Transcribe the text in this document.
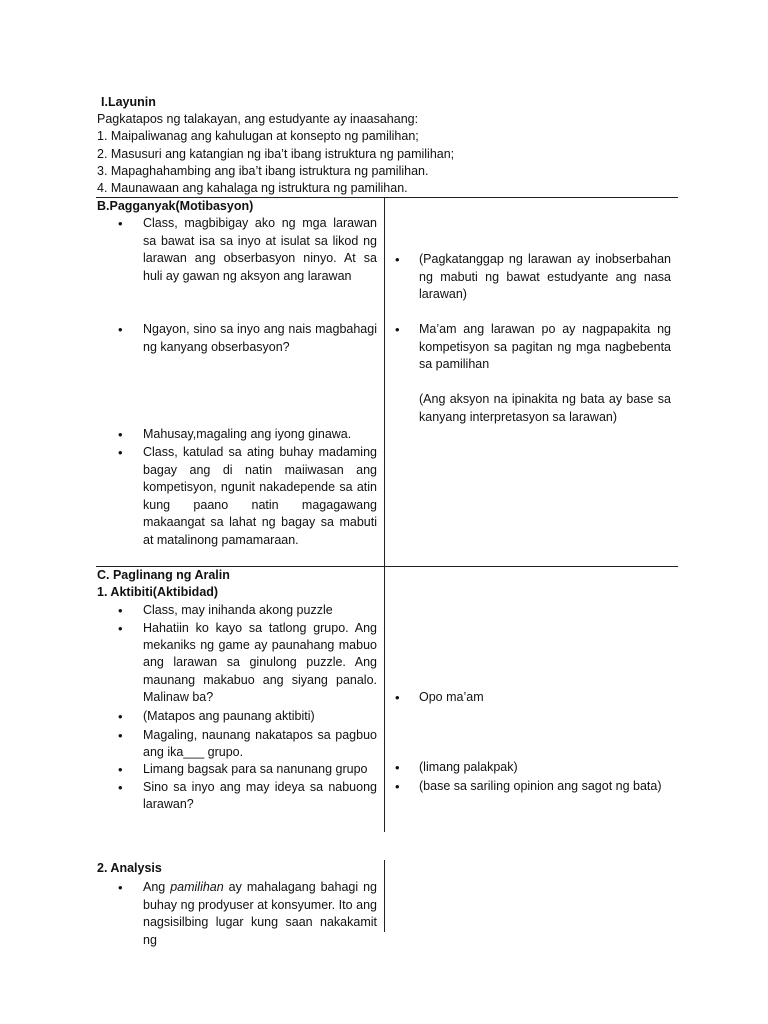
I.Layunin
Pagkatapos ng talakayan, ang estudyante ay inaasahang:
1. Maipaliwanag ang kahulugan at konsepto ng pamilihan;
2. Masusuri ang katangian ng iba’t ibang istruktura ng pamilihan;
3. Mapaghahambing ang iba’t ibang istruktura ng pamilihan.
4. Maunawaan ang kahalaga ng istruktura ng pamilihan.
B.Pagganyak(Motibasyon)
• Class, magbibigay ako ng mga larawan sa bawat isa sa inyo at isulat sa likod ng larawan ang obserbasyon ninyo. At sa huli ay gawan ng aksyon ang larawan
• Ngayon, sino sa inyo ang nais magbahagi ng kanyang obserbasyon?
• Mahusay,magaling ang iyong ginawa.
• Class, katulad sa ating buhay madaming bagay ang di natin maiiwasan ang kompetisyon, ngunit nakadepende sa atin kung paano natin magagawang makaangat sa lahat ng bagay sa mabuti at matalinong pamamaraan.
• (Pagkatanggap ng larawan ay inobserbahan ng mabuti ng bawat estudyante ang nasa larawan)
• Ma’am ang larawan po ay nagpapakita ng kompetisyon sa pagitan ng mga nagbebenta sa pamilihan
(Ang aksyon na ipinakita ng bata ay base sa kanyang interpretasyon sa larawan)
C. Paglinang ng Aralin
1. Aktibiti(Aktibidad)
• Class, may inihanda akong puzzle
• Hahatiin ko kayo sa tatlong grupo. Ang mekaniks ng game ay paunahang mabuo ang larawan sa ginulong puzzle. Ang maunang makabuo ang siyang panalo. Malinaw ba?
• (Matapos ang paunang aktibiti)
• Magaling, naunang nakatapos sa pagbuo ang ika___ grupo.
• Limang bagsak para sa nanunang grupo
• Sino sa inyo ang may ideya sa nabuong larawan?
• Opo ma’am
• (limang palakpak)
• (base sa sariling opinion ang sagot ng bata)
2. Analysis
• Ang pamilihan ay mahalagang bahagi ng buhay ng prodyuser at konsyumer. Ito ang nagsisilbing lugar kung saan nakakamit ng
